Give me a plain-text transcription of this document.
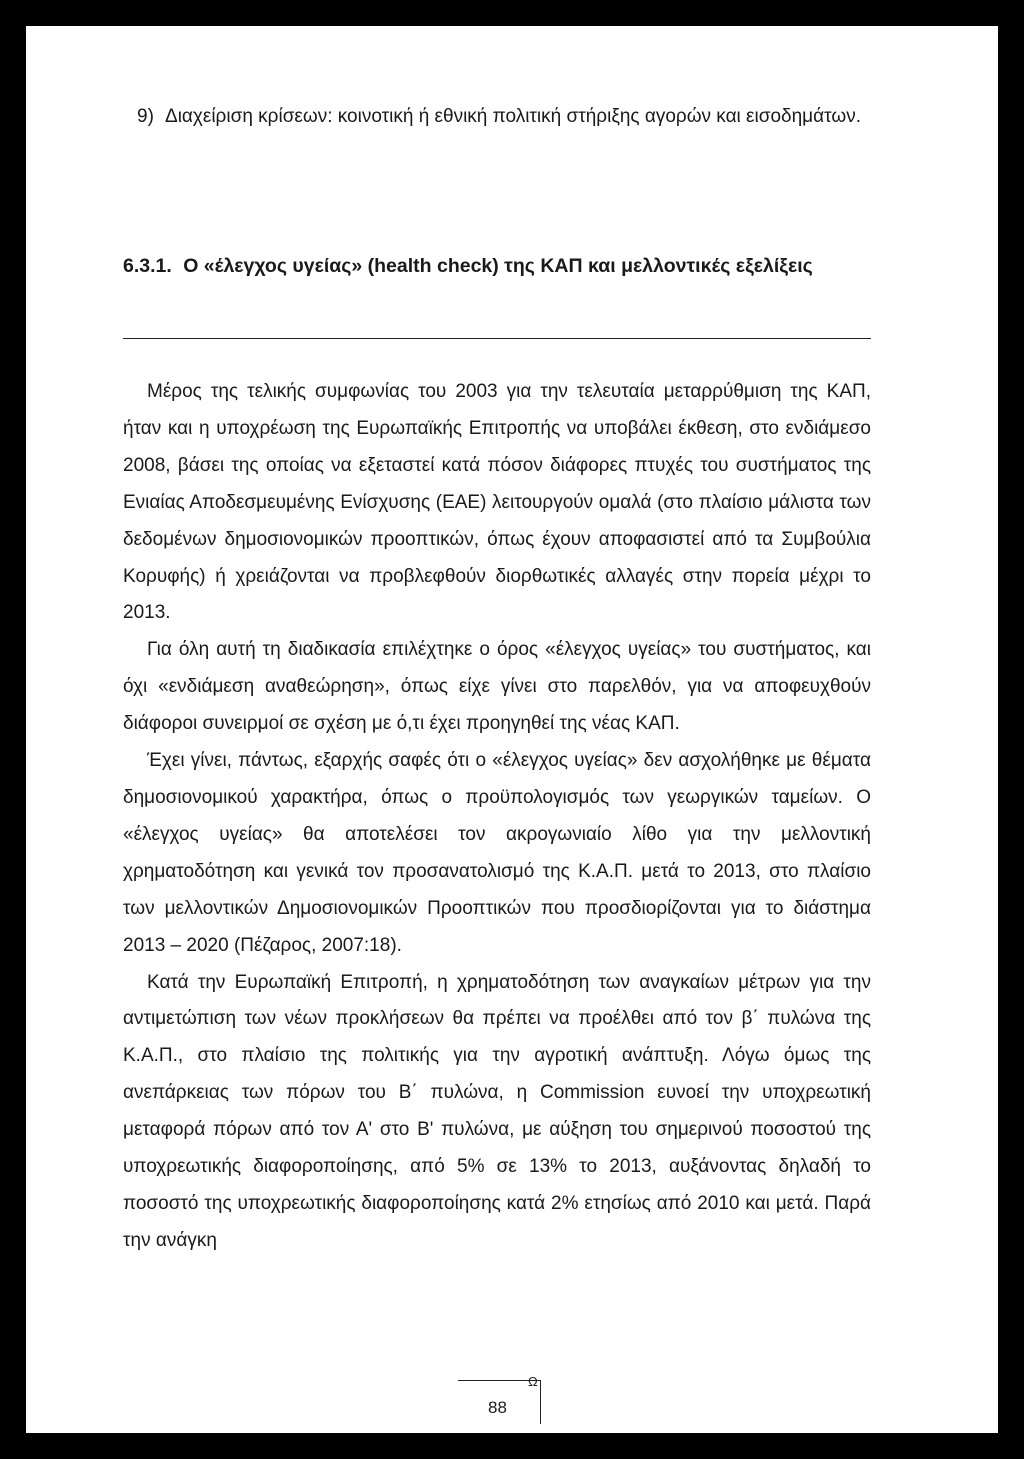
9) Διαχείριση κρίσεων: κοινοτική ή εθνική πολιτική στήριξης αγορών και εισοδημάτων.
6.3.1. Ο «έλεγχος υγείας» (health check) της ΚΑΠ και μελλοντικές εξελίξεις

Μέρος της τελικής συμφωνίας του 2003 για την τελευταία μεταρρύθμιση της ΚΑΠ, ήταν και η υποχρέωση της Ευρωπαϊκής Επιτροπής να υποβάλει έκθεση, στο ενδιάμεσο 2008, βάσει της οποίας να εξεταστεί κατά πόσον διάφορες πτυχές του συστήματος της Ενιαίας Αποδεσμευμένης Ενίσχυσης (ΕΑΕ) λειτουργούν ομαλά (στο πλαίσιο μάλιστα των δεδομένων δημοσιονομικών προοπτικών, όπως έχουν αποφασιστεί από τα Συμβούλια Κορυφής) ή χρειάζονται να προβλεφθούν διορθωτικές αλλαγές στην πορεία μέχρι το 2013.

Για όλη αυτή τη διαδικασία επιλέχτηκε ο όρος «έλεγχος υγείας» του συστήματος, και όχι «ενδιάμεση αναθεώρηση», όπως είχε γίνει στο παρελθόν, για να αποφευχθούν διάφοροι συνειρμοί σε σχέση με ό,τι έχει προηγηθεί της νέας ΚΑΠ.

Έχει γίνει, πάντως, εξαρχής σαφές ότι ο «έλεγχος υγείας» δεν ασχολήθηκε με θέματα δημοσιονομικού χαρακτήρα, όπως ο προϋπολογισμός των γεωργικών ταμείων. Ο «έλεγχος υγείας» θα αποτελέσει τον ακρογωνιαίο λίθο για την μελλοντική χρηματοδότηση και γενικά τον προσανατολισμό της Κ.Α.Π. μετά το 2013, στο πλαίσιο των μελλοντικών Δημοσιονομικών Προοπτικών που προσδιορίζονται για το διάστημα 2013 – 2020 (Πέζαρος, 2007:18).

Κατά την Ευρωπαϊκή Επιτροπή, η χρηματοδότηση των αναγκαίων μέτρων για την αντιμετώπιση των νέων προκλήσεων θα πρέπει να προέλθει από τον β΄ πυλώνα της Κ.Α.Π., στο πλαίσιο της πολιτικής για την αγροτική ανάπτυξη. Λόγω όμως της ανεπάρκειας των πόρων του Β΄ πυλώνα, η Commission ευνοεί την υποχρεωτική μεταφορά πόρων από τον Α' στο Β' πυλώνα, με αύξηση του σημερινού ποσοστού της υποχρεωτικής διαφοροποίησης, από 5% σε 13% το 2013, αυξάνοντας δηλαδή το ποσοστό της υποχρεωτικής διαφοροποίησης κατά 2% ετησίως από 2010 και μετά. Παρά την ανάγκη

Ω
88
